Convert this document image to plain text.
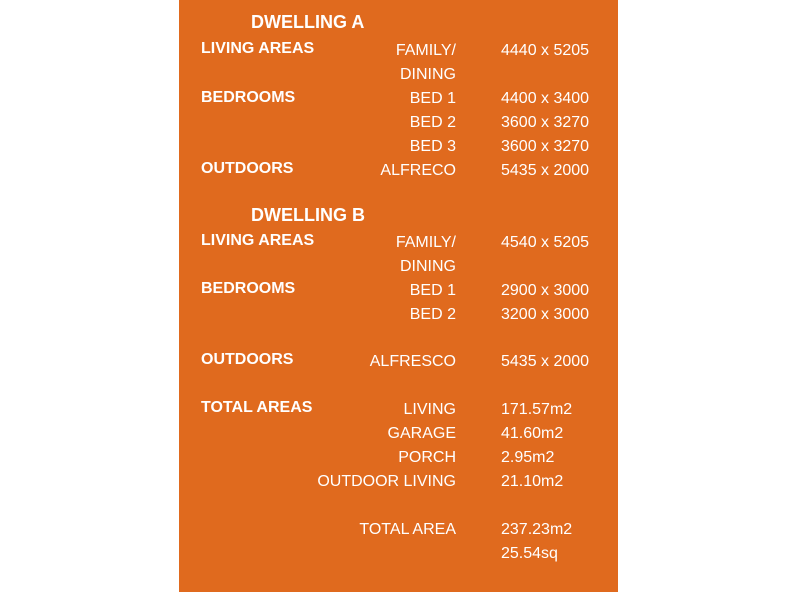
DWELLING A
LIVING AREAS	FAMILY/	4440 x 5205
DINING
BEDROOMS	BED 1	4400 x 3400
BED 2	3600 x 3270
BED 3	3600 x 3270
OUTDOORS	ALFRECO	5435 x 2000
DWELLING B
LIVING AREAS	FAMILY/	4540 x 5205
DINING
BEDROOMS	BED 1	2900 x 3000
BED 2	3200 x 3000
OUTDOORS	ALFRESCO	5435 x 2000
TOTAL AREAS	LIVING	171.57m2
GARAGE	41.60m2
PORCH	2.95m2
OUTDOOR LIVING	21.10m2
TOTAL AREA	237.23m2
25.54sq
